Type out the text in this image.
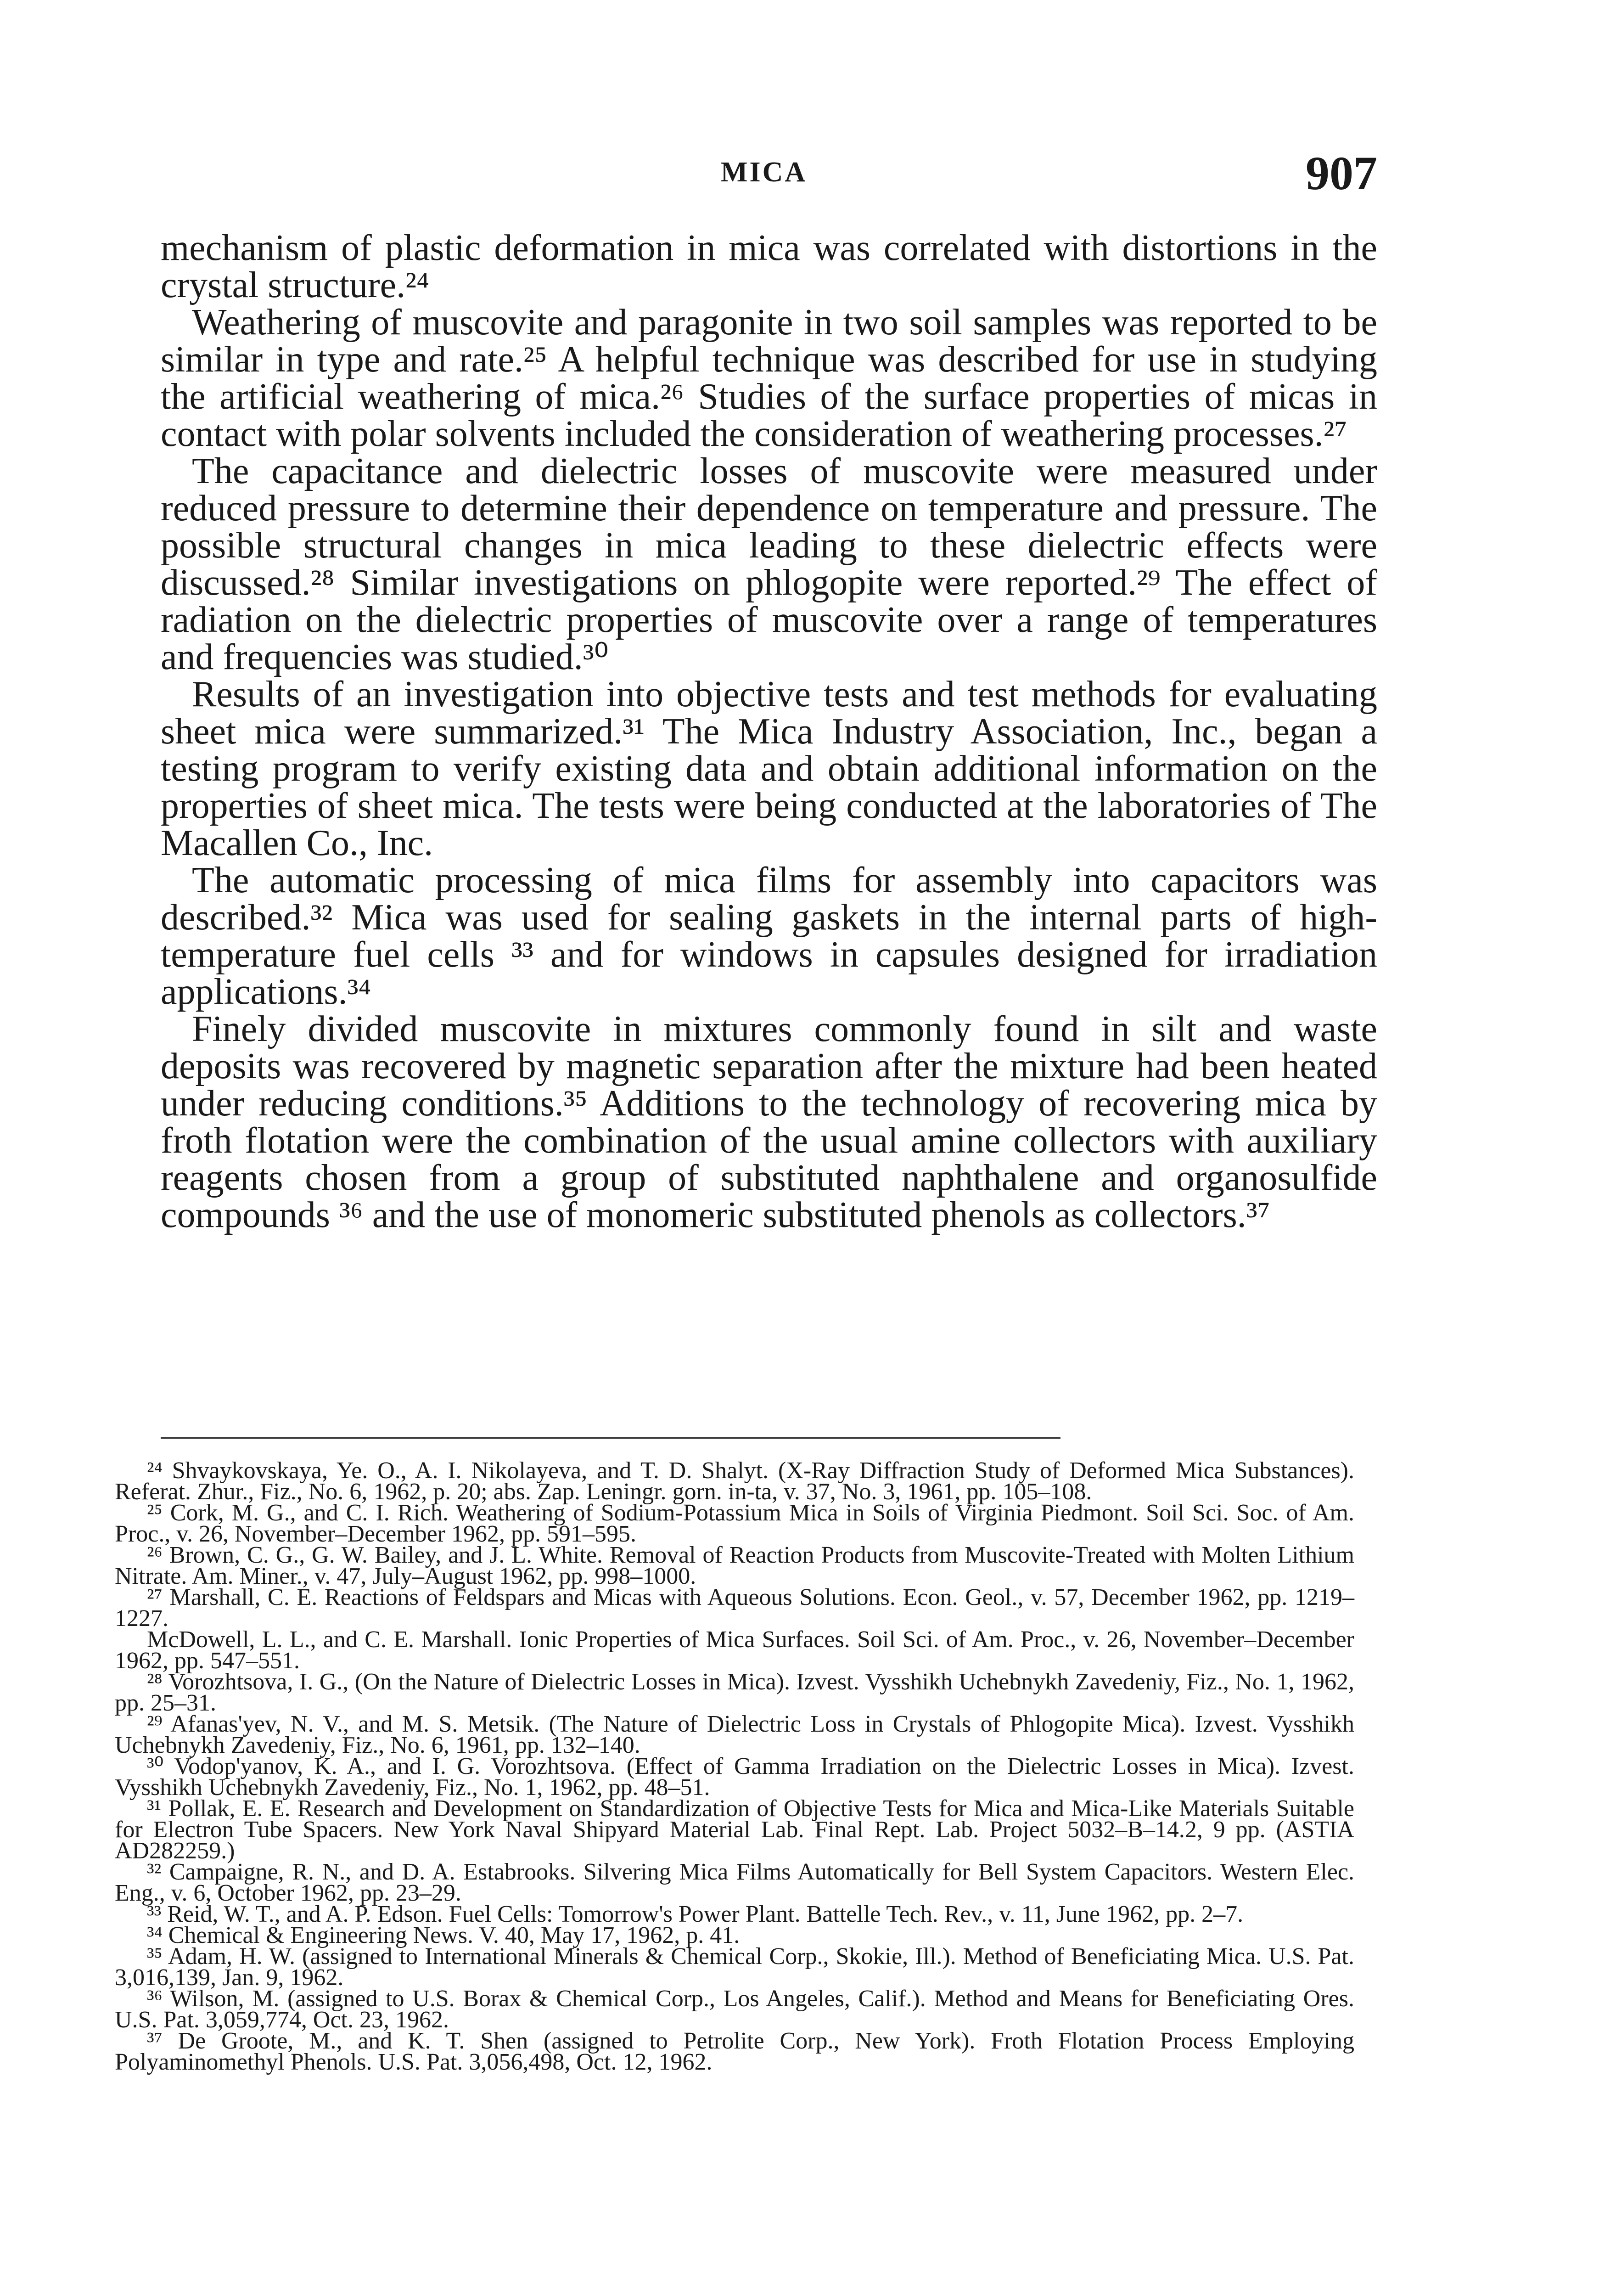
MICA	907

mechanism of plastic deformation in mica was correlated with distortions in the crystal structure.²⁴

Weathering of muscovite and paragonite in two soil samples was reported to be similar in type and rate.²⁵ A helpful technique was described for use in studying the artificial weathering of mica.²⁶ Studies of the surface properties of micas in contact with polar solvents included the consideration of weathering processes.²⁷

The capacitance and dielectric losses of muscovite were measured under reduced pressure to determine their dependence on temperature and pressure. The possible structural changes in mica leading to these dielectric effects were discussed.²⁸ Similar investigations on phlogopite were reported.²⁹ The effect of radiation on the dielectric properties of muscovite over a range of temperatures and frequencies was studied.³⁰

Results of an investigation into objective tests and test methods for evaluating sheet mica were summarized.³¹ The Mica Industry Association, Inc., began a testing program to verify existing data and obtain additional information on the properties of sheet mica. The tests were being conducted at the laboratories of The Macallen Co., Inc.

The automatic processing of mica films for assembly into capacitors was described.³² Mica was used for sealing gaskets in the internal parts of high-temperature fuel cells ³³ and for windows in capsules designed for irradiation applications.³⁴

Finely divided muscovite in mixtures commonly found in silt and waste deposits was recovered by magnetic separation after the mixture had been heated under reducing conditions.³⁵ Additions to the technology of recovering mica by froth flotation were the combination of the usual amine collectors with auxiliary reagents chosen from a group of substituted naphthalene and organosulfide compounds ³⁶ and the use of monomeric substituted phenols as collectors.³⁷

²⁴ Shvaykovskaya, Ye. O., A. I. Nikolayeva, and T. D. Shalyt. (X-Ray Diffraction Study of Deformed Mica Substances). Referat. Zhur., Fiz., No. 6, 1962, p. 20; abs. Zap. Leningr. gorn. in-ta, v. 37, No. 3, 1961, pp. 105–108.

²⁵ Cork, M. G., and C. I. Rich. Weathering of Sodium-Potassium Mica in Soils of Virginia Piedmont. Soil Sci. Soc. of Am. Proc., v. 26, November–December 1962, pp. 591–595.

²⁶ Brown, C. G., G. W. Bailey, and J. L. White. Removal of Reaction Products from Muscovite-Treated with Molten Lithium Nitrate. Am. Miner., v. 47, July–August 1962, pp. 998–1000.

²⁷ Marshall, C. E. Reactions of Feldspars and Micas with Aqueous Solutions. Econ. Geol., v. 57, December 1962, pp. 1219–1227.

McDowell, L. L., and C. E. Marshall. Ionic Properties of Mica Surfaces. Soil Sci. of Am. Proc., v. 26, November–December 1962, pp. 547–551.

²⁸ Vorozhtsova, I. G., (On the Nature of Dielectric Losses in Mica). Izvest. Vysshikh Uchebnykh Zavedeniy, Fiz., No. 1, 1962, pp. 25–31.

²⁹ Afanas'yev, N. V., and M. S. Metsik. (The Nature of Dielectric Loss in Crystals of Phlogopite Mica). Izvest. Vysshikh Uchebnykh Zavedeniy, Fiz., No. 6, 1961, pp. 132–140.

³⁰ Vodop'yanov, K. A., and I. G. Vorozhtsova. (Effect of Gamma Irradiation on the Dielectric Losses in Mica). Izvest. Vysshikh Uchebnykh Zavedeniy, Fiz., No. 1, 1962, pp. 48–51.

³¹ Pollak, E. E. Research and Development on Standardization of Objective Tests for Mica and Mica-Like Materials Suitable for Electron Tube Spacers. New York Naval Shipyard Material Lab. Final Rept. Lab. Project 5032–B–14.2, 9 pp. (ASTIA AD282259.)

³² Campaigne, R. N., and D. A. Estabrooks. Silvering Mica Films Automatically for Bell System Capacitors. Western Elec. Eng., v. 6, October 1962, pp. 23–29.

³³ Reid, W. T., and A. P. Edson. Fuel Cells: Tomorrow's Power Plant. Battelle Tech. Rev., v. 11, June 1962, pp. 2–7.

³⁴ Chemical & Engineering News. V. 40, May 17, 1962, p. 41.

³⁵ Adam, H. W. (assigned to International Minerals & Chemical Corp., Skokie, Ill.). Method of Beneficiating Mica. U.S. Pat. 3,016,139, Jan. 9, 1962.

³⁶ Wilson, M. (assigned to U.S. Borax & Chemical Corp., Los Angeles, Calif.). Method and Means for Beneficiating Ores. U.S. Pat. 3,059,774, Oct. 23, 1962.

³⁷ De Groote, M., and K. T. Shen (assigned to Petrolite Corp., New York). Froth Flotation Process Employing Polyaminomethyl Phenols. U.S. Pat. 3,056,498, Oct. 12, 1962.
